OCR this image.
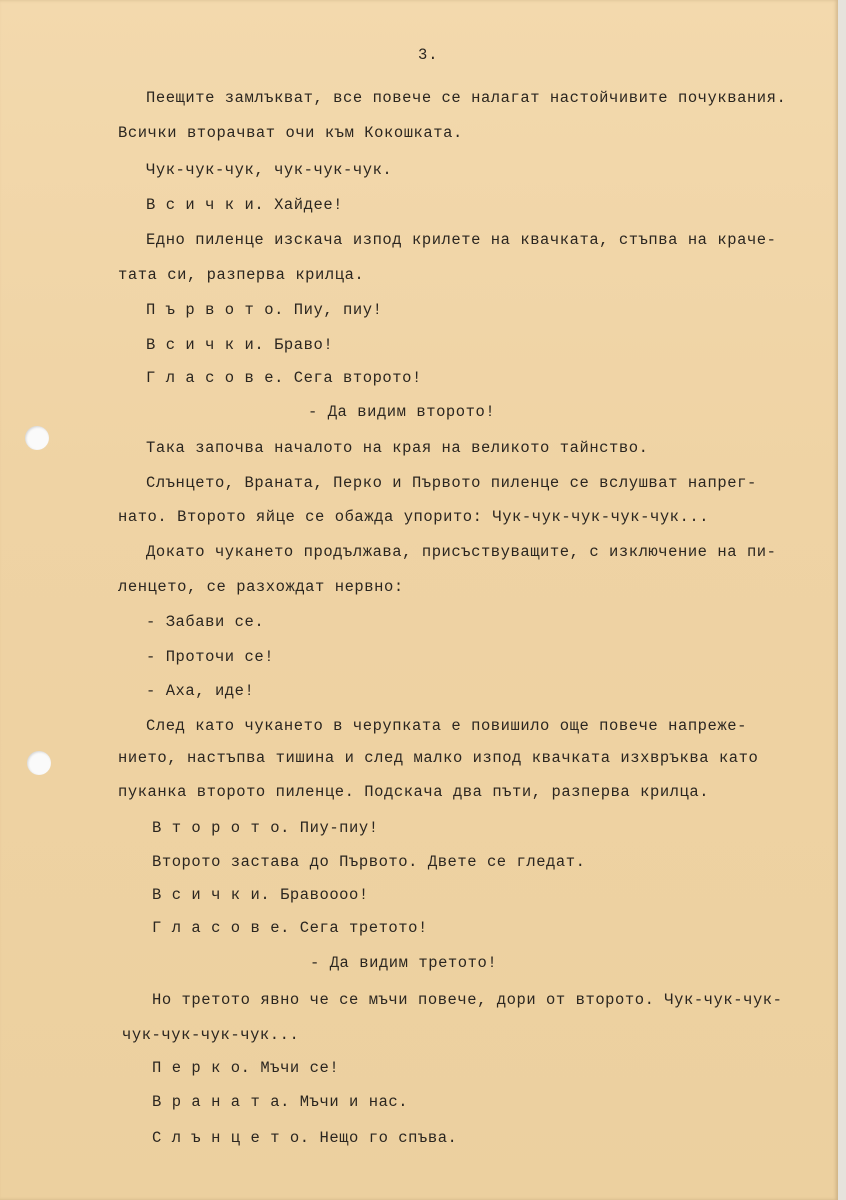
3.
Пеещите замлъкват, все повече се налагат настойчивите почуквания.
Всички вторачват очи към Кокошката.
Чук-чук-чук, чук-чук-чук.
В с и ч к и. Хайдее!
Едно пиленце изскача изпод крилете на квачката, стъпва на краче-
тата си, разперва крилца.
П ъ р в о т о. Пиу, пиу!
В с и ч к и. Браво!
Г л а с о в е. Сега второто!
- Да видим второто!
Така започва началото на края на великото тайнство.
Слънцето, Враната, Перко и Първото пиленце се вслушват напрег-
нато. Второто яйце се обажда упорито: Чук-чук-чук-чук-чук...
Докато чукането продължава, присъствуващите, с изключение на пи-
ленцето, се разхождат нервно:
- Забави се.
- Проточи се!
- Аха, иде!
След като чукането в черупката е повишило още повече напреже-
нието, настъпва тишина и след малко изпод квачката изхвръква като
пуканка второто пиленце. Подскача два пъти, разперва крилца.
В т о р о т о. Пиу-пиу!
Второто застава до Първото. Двете се гледат.
В с и ч к и. Бравоооо!
Г л а с о в е. Сега третото!
- Да видим третото!
Но третото явно че се мъчи повече, дори от второто. Чук-чук-чук-
чук-чук-чук-чук...
П е р к о. Мъчи се!
В р а н а т а. Мъчи и нас.
С л ъ н ц е т о. Нещо го спъва.
